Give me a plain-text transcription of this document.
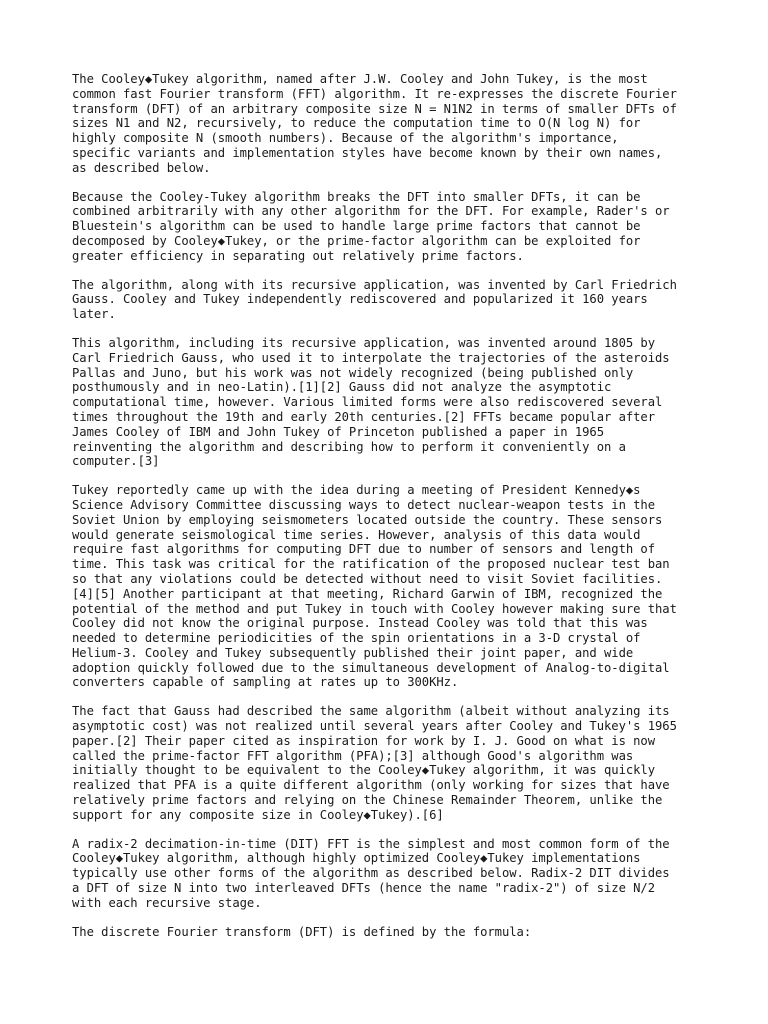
The Cooley◆Tukey algorithm, named after J.W. Cooley and John Tukey, is the most
common fast Fourier transform (FFT) algorithm. It re-expresses the discrete Fourier
transform (DFT) of an arbitrary composite size N = N1N2 in terms of smaller DFTs of
sizes N1 and N2, recursively, to reduce the computation time to O(N log N) for
highly composite N (smooth numbers). Because of the algorithm's importance,
specific variants and implementation styles have become known by their own names,
as described below.

Because the Cooley-Tukey algorithm breaks the DFT into smaller DFTs, it can be
combined arbitrarily with any other algorithm for the DFT. For example, Rader's or
Bluestein's algorithm can be used to handle large prime factors that cannot be
decomposed by Cooley◆Tukey, or the prime-factor algorithm can be exploited for
greater efficiency in separating out relatively prime factors.

The algorithm, along with its recursive application, was invented by Carl Friedrich
Gauss. Cooley and Tukey independently rediscovered and popularized it 160 years
later.

This algorithm, including its recursive application, was invented around 1805 by
Carl Friedrich Gauss, who used it to interpolate the trajectories of the asteroids
Pallas and Juno, but his work was not widely recognized (being published only
posthumously and in neo-Latin).[1][2] Gauss did not analyze the asymptotic
computational time, however. Various limited forms were also rediscovered several
times throughout the 19th and early 20th centuries.[2] FFTs became popular after
James Cooley of IBM and John Tukey of Princeton published a paper in 1965
reinventing the algorithm and describing how to perform it conveniently on a
computer.[3]

Tukey reportedly came up with the idea during a meeting of President Kennedy◆s
Science Advisory Committee discussing ways to detect nuclear-weapon tests in the
Soviet Union by employing seismometers located outside the country. These sensors
would generate seismological time series. However, analysis of this data would
require fast algorithms for computing DFT due to number of sensors and length of
time. This task was critical for the ratification of the proposed nuclear test ban
so that any violations could be detected without need to visit Soviet facilities.
[4][5] Another participant at that meeting, Richard Garwin of IBM, recognized the
potential of the method and put Tukey in touch with Cooley however making sure that
Cooley did not know the original purpose. Instead Cooley was told that this was
needed to determine periodicities of the spin orientations in a 3-D crystal of
Helium-3. Cooley and Tukey subsequently published their joint paper, and wide
adoption quickly followed due to the simultaneous development of Analog-to-digital
converters capable of sampling at rates up to 300KHz.

The fact that Gauss had described the same algorithm (albeit without analyzing its
asymptotic cost) was not realized until several years after Cooley and Tukey's 1965
paper.[2] Their paper cited as inspiration for work by I. J. Good on what is now
called the prime-factor FFT algorithm (PFA);[3] although Good's algorithm was
initially thought to be equivalent to the Cooley◆Tukey algorithm, it was quickly
realized that PFA is a quite different algorithm (only working for sizes that have
relatively prime factors and relying on the Chinese Remainder Theorem, unlike the
support for any composite size in Cooley◆Tukey).[6]

A radix-2 decimation-in-time (DIT) FFT is the simplest and most common form of the
Cooley◆Tukey algorithm, although highly optimized Cooley◆Tukey implementations
typically use other forms of the algorithm as described below. Radix-2 DIT divides
a DFT of size N into two interleaved DFTs (hence the name "radix-2") of size N/2
with each recursive stage.

The discrete Fourier transform (DFT) is defined by the formula:
